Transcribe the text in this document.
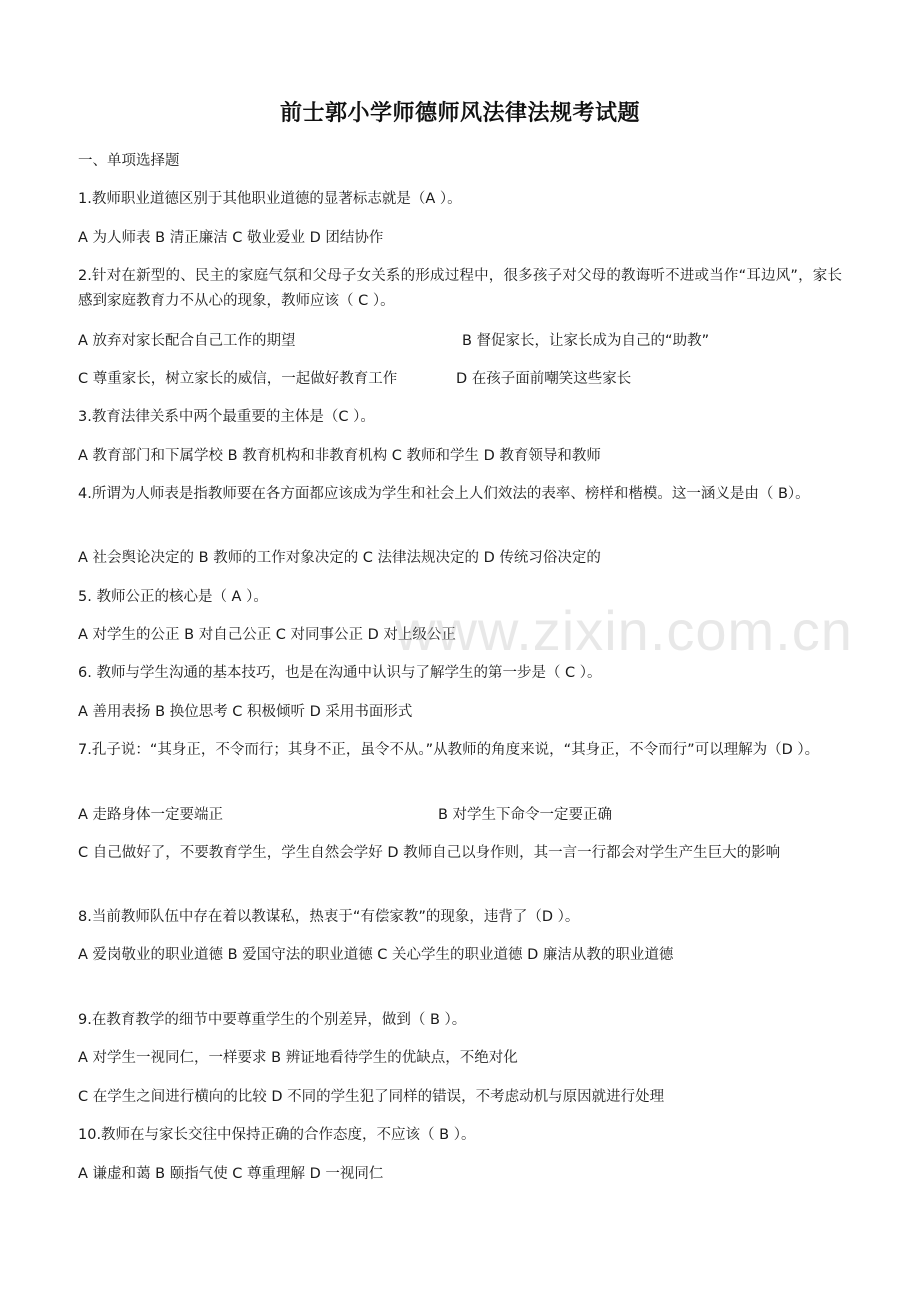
前士郭小学师德师风法律法规考试题
一、单项选择题
1.教师职业道德区别于其他职业道德的显著标志就是（A ）。
A 为人师表 B 清正廉洁 C 敬业爱业 D 团结协作
2.针对在新型的、民主的家庭气氛和父母子女关系的形成过程中，很多孩子对父母的教诲听不进或当作“耳边风”，家长感到家庭教育力不从心的现象，教师应该（ C ）。
A 放弃对家长配合自己工作的期望	B 督促家长，让家长成为自己的“助教”
C 尊重家长，树立家长的威信，一起做好教育工作	D 在孩子面前嘲笑这些家长
3.教育法律关系中两个最重要的主体是（C ）。
A 教育部门和下属学校 B 教育机构和非教育机构 C 教师和学生 D 教育领导和教师
4.所谓为人师表是指教师要在各方面都应该成为学生和社会上人们效法的表率、榜样和楷模。这一涵义是由（ B）。
A 社会舆论决定的 B 教师的工作对象决定的 C 法律法规决定的 D 传统习俗决定的
5. 教师公正的核心是（ A ）。
A 对学生的公正 B 对自己公正 C 对同事公正 D 对上级公正
6. 教师与学生沟通的基本技巧，也是在沟通中认识与了解学生的第一步是（ C ）。
A 善用表扬 B 换位思考 C 积极倾听 D 采用书面形式
7.孔子说：“其身正，不令而行；其身不正，虽令不从。”从教师的角度来说，“其身正，不令而行”可以理解为（D ）。
A 走路身体一定要端正	B 对学生下命令一定要正确
C 自己做好了，不要教育学生，学生自然会学好 D 教师自己以身作则，其一言一行都会对学生产生巨大的影响
8.当前教师队伍中存在着以教谋私，热衷于“有偿家教”的现象，违背了（D ）。
A 爱岗敬业的职业道德 B 爱国守法的职业道德 C 关心学生的职业道德 D 廉洁从教的职业道德
9.在教育教学的细节中要尊重学生的个别差异，做到（ B ）。
A 对学生一视同仁，一样要求 B 辨证地看待学生的优缺点，不绝对化
C 在学生之间进行横向的比较 D 不同的学生犯了同样的错误，不考虑动机与原因就进行处理
10.教师在与家长交往中保持正确的合作态度，不应该（ B ）。
A 谦虚和蔼 B 颐指气使 C 尊重理解 D 一视同仁
www.zixin.com.cn
